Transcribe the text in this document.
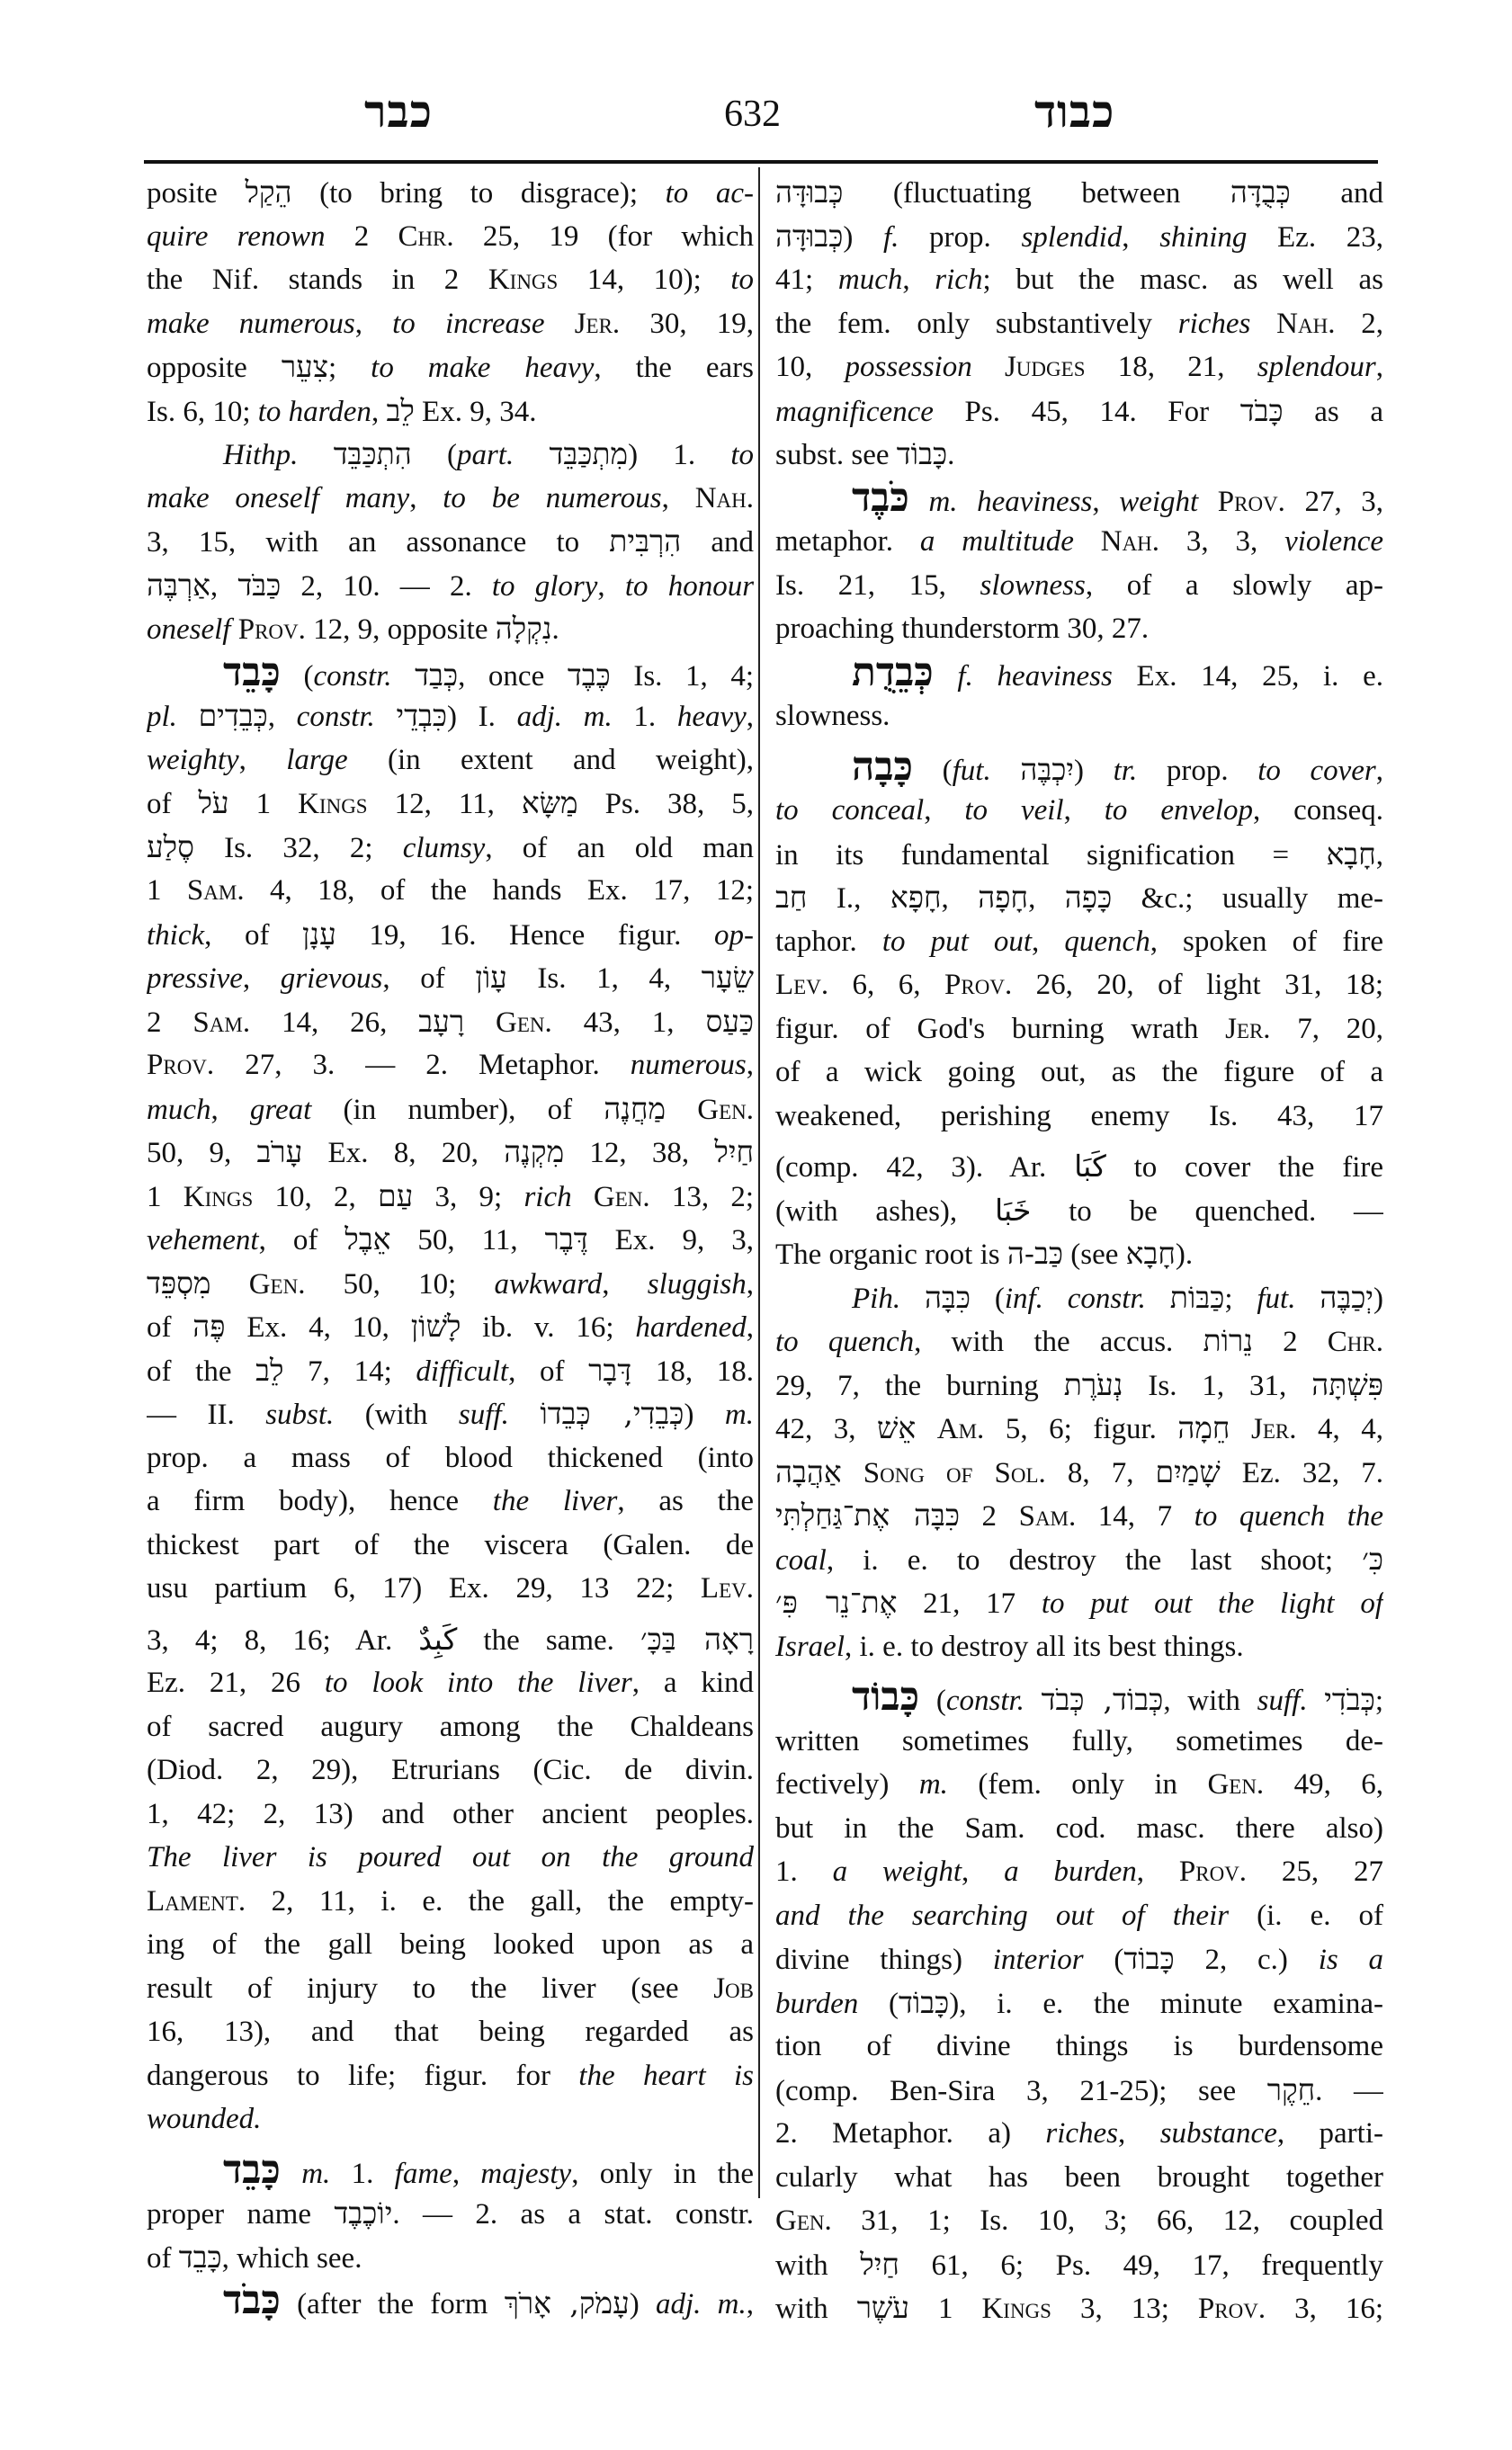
כבר	632	כבוד
posite הֵקַל (to bring to disgrace); to ac-
quire renown 2 Chr. 25, 19 (for which
the Nif. stands in 2 Kings 14, 10); to
make numerous, to increase Jer. 30, 19,
opposite צִעֵר; to make heavy, the ears
Is. 6, 10; to harden, לֵב Ex. 9, 34.
Hithp. הִתְכַּבֵּד (part. מִתְכַּבֵּד) 1. to
make oneself many, to be numerous, Nah.
3, 15, with an assonance to הִרְבִּית and
אַרְבֶּה, כַּבֹּד 2, 10. — 2. to glory, to honour
oneself Prov. 12, 9, opposite נִקְלָה.
כָּבֵד (constr. כְּבַד, once כֶּבֶד Is. 1, 4;
pl. כְּבֵדִים, constr. כִּבְדֵי) I. adj. m. 1. heavy,
weighty, large (in extent and weight),
of עֹל 1 Kings 12, 11, מַשָּׂא Ps. 38, 5,
סֶלַע Is. 32, 2; clumsy, of an old man
1 Sam. 4, 18, of the hands Ex. 17, 12;
thick, of עָנָן 19, 16. Hence figur. op-
pressive, grievous, of עָוֹן Is. 1, 4, שֵׂעָר
2 Sam. 14, 26, רָעָב Gen. 43, 1, כַּעַס
Prov. 27, 3. — 2. Metaphor. numerous,
much, great (in number), of מַחֲנֶה Gen.
50, 9, עָרֹב Ex. 8, 20, מִקְנֶה 12, 38, חַיִל
1 Kings 10, 2, עַם 3, 9; rich Gen. 13, 2;
vehement, of אֵבֶל 50, 11, דֶּבֶר Ex. 9, 3,
מִסְפֵּד Gen. 50, 10; awkward, sluggish,
of פֶּה Ex. 4, 10, לָשׁוֹן ib. v. 16; hardened,
of the לֵב 7, 14; difficult, of דָּבָר 18, 18.
— II. subst. (with suff. כְּבֵדִי, כְּבֵדוֹ) m.
prop. a mass of blood thickened (into
a firm body), hence the liver, as the
thickest part of the viscera (Galen. de
usu partium 6, 17) Ex. 29, 13 22; Lev.
3, 4; 8, 16; Ar. كَبِدٌ the same. רָאָה בַּכָּ׳
Ez. 21, 26 to look into the liver, a kind
of sacred augury among the Chaldeans
(Diod. 2, 29), Etrurians (Cic. de divin.
1, 42; 2, 13) and other ancient peoples.
The liver is poured out on the ground
Lament. 2, 11, i. e. the gall, the empty-
ing of the gall being looked upon as a
result of injury to the liver (see Job
16, 13), and that being regarded as
dangerous to life; figur. for the heart is
wounded.
כָּבֵד m. 1. fame, majesty, only in the
proper name יוֹכֶבֶד. — 2. as a stat. constr.
of כָּבֵד, which see.
כָּבֹד (after the form עָמֹק, אָרֹךְ) adj. m.,
כְּבוּדָּה (fluctuating between כְּבֻדָּה and
כְּבוּדָּה) f. prop. splendid, shining Ez. 23,
41; much, rich; but the masc. as well as
the fem. only substantively riches Nah. 2,
10, possession Judges 18, 21, splendour,
magnificence Ps. 45, 14. For כָּבֹד as a
subst. see כָּבוֹד.
כֹּבֶד m. heaviness, weight Prov. 27, 3,
metaphor. a multitude Nah. 3, 3, violence
Is. 21, 15, slowness, of a slowly ap-
proaching thunderstorm 30, 27.
כְּבֵדֻת f. heaviness Ex. 14, 25, i. e.
slowness.
כָּבָה (fut. יִכְבֶּה) tr. prop. to cover,
to conceal, to veil, to envelop, conseq.
in its fundamental signification = חָבָא,
חַב I., חָפָא, חָפָה, כָּפָה &c.; usually me-
taphor. to put out, quench, spoken of fire
Lev. 6, 6, Prov. 26, 20, of light 31, 18;
figur. of God's burning wrath Jer. 7, 20,
of a wick going out, as the figure of a
weakened, perishing enemy Is. 43, 17
(comp. 42, 3). Ar. كَبَا to cover the fire
(with ashes), خَبَا to be quenched. —
The organic root is כַּב-ה (see חָבָא).
Pih. כִּבָּה (inf. constr. כַּבּוֹת; fut. יְכַבֶּה)
to quench, with the accus. נֵרוֹת 2 Chr.
29, 7, the burning נְעֹרֶת Is. 1, 31, פִּשְׁתָּה
42, 3, אֵשׁ Am. 5, 6; figur. חֵמָה Jer. 4, 4,
אַהֲבָה Song of Sol. 8, 7, שָׁמַיִם Ez. 32, 7.
כִּבָּה אֶת־גַּחַלְתִּי 2 Sam. 14, 7 to quench the
coal, i. e. to destroy the last shoot; כִּ׳
אֶת־נֵר פִּ׳ 21, 17 to put out the light of
Israel, i. e. to destroy all its best things.
כָּבוֹד (constr. כְּבוֹד, כְּבֹד, with suff. כְּבֹדִי;
written sometimes fully, sometimes de-
fectively) m. (fem. only in Gen. 49, 6,
but in the Sam. cod. masc. there also)
1. a weight, a burden, Prov. 25, 27
and the searching out of their (i. e. of
divine things) interior (כָּבוֹד 2, c.) is a
burden (כָּבוֹד), i. e. the minute examina-
tion of divine things is burdensome
(comp. Ben-Sira 3, 21-25); see חֵקֶר. —
2. Metaphor. a) riches, substance, parti-
cularly what has been brought together
Gen. 31, 1; Is. 10, 3; 66, 12, coupled
with חַיִל 61, 6; Ps. 49, 17, frequently
with עֹשֶׁר 1 Kings 3, 13; Prov. 3, 16;
